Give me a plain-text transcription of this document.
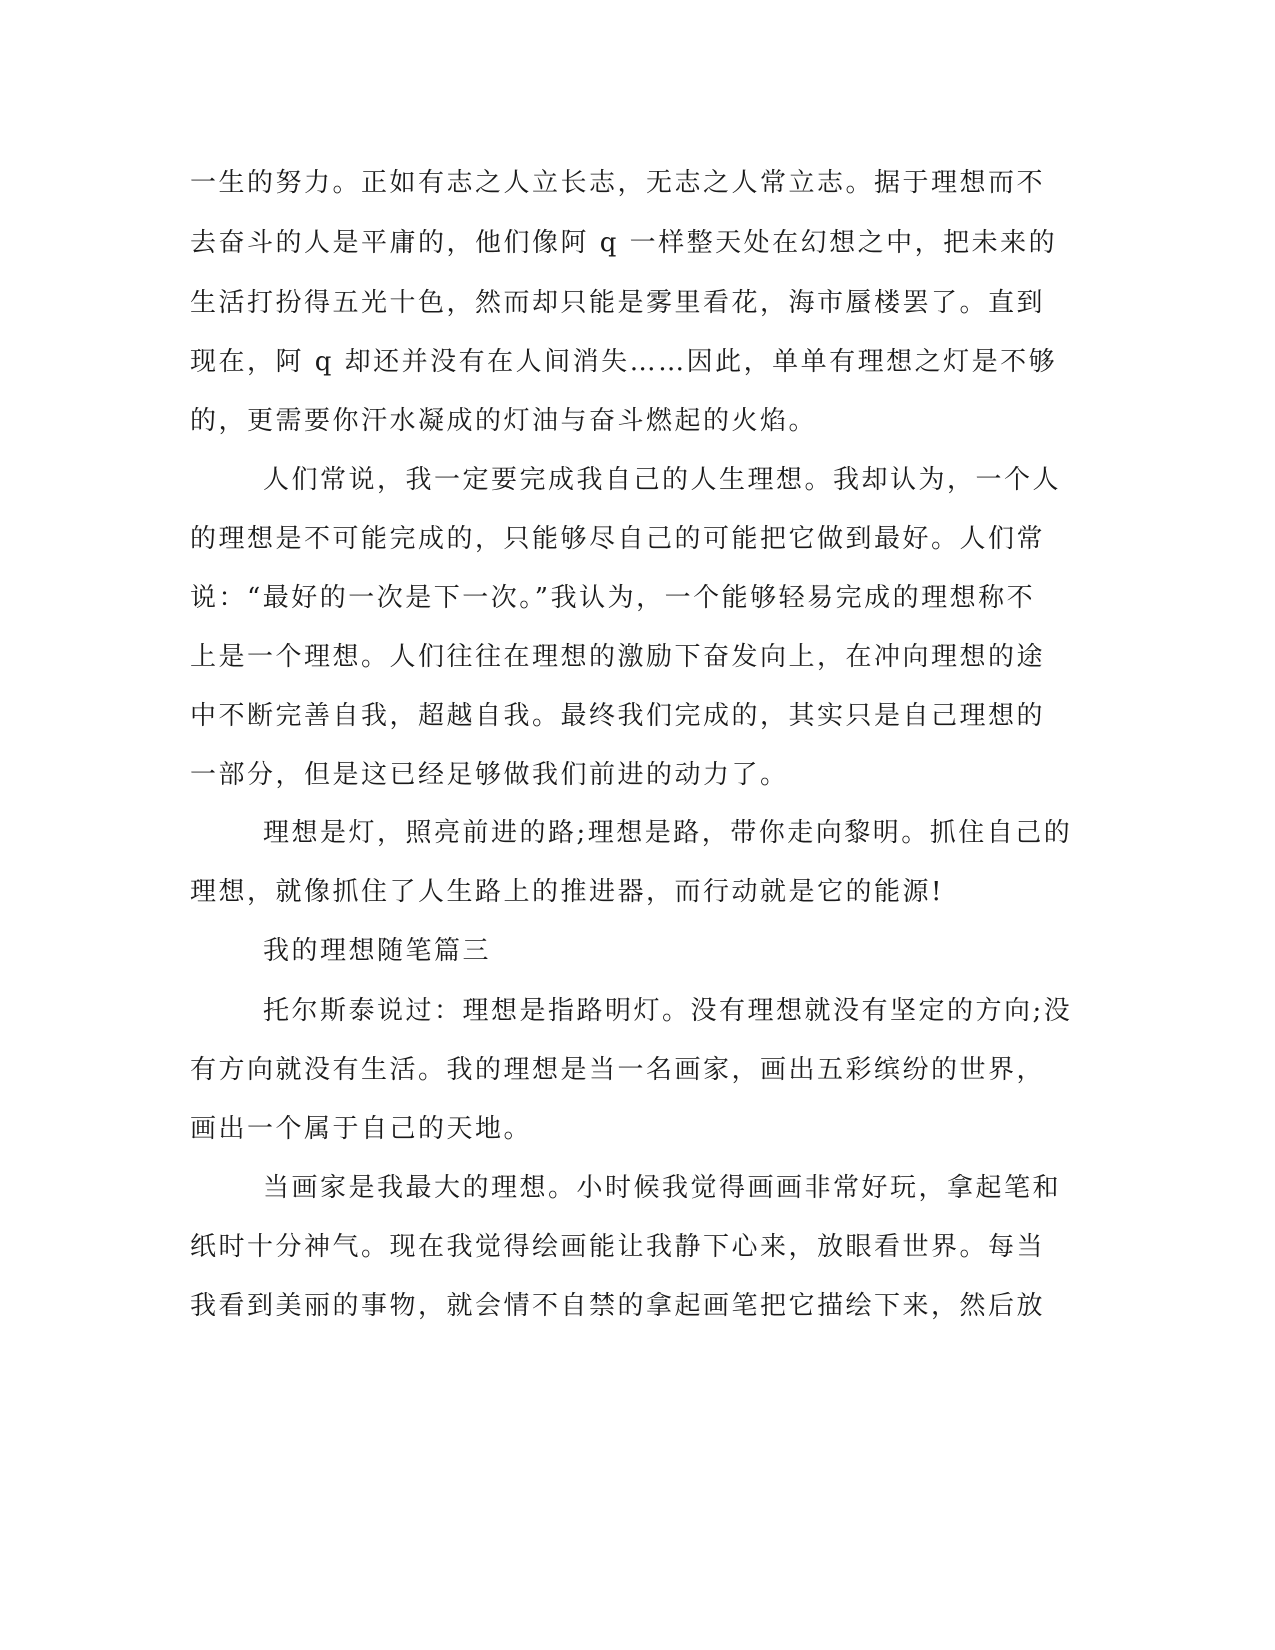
一生的努力。正如有志之人立长志，无志之人常立志。据于理想而不
去奋斗的人是平庸的，他们像阿 q 一样整天处在幻想之中，把未来的
生活打扮得五光十色，然而却只能是雾里看花，海市蜃楼罢了。直到
现在，阿 q 却还并没有在人间消失……因此，单单有理想之灯是不够
的，更需要你汗水凝成的灯油与奋斗燃起的火焰。
人们常说，我一定要完成我自己的人生理想。我却认为，一个人
的理想是不可能完成的，只能够尽自己的可能把它做到最好。人们常
说：“最好的一次是下一次。”我认为，一个能够轻易完成的理想称不
上是一个理想。人们往往在理想的激励下奋发向上，在冲向理想的途
中不断完善自我，超越自我。最终我们完成的，其实只是自己理想的
一部分，但是这已经足够做我们前进的动力了。
理想是灯，照亮前进的路;理想是路，带你走向黎明。抓住自己的
理想，就像抓住了人生路上的推进器，而行动就是它的能源!
我的理想随笔篇三
托尔斯泰说过：理想是指路明灯。没有理想就没有坚定的方向;没
有方向就没有生活。我的理想是当一名画家，画出五彩缤纷的世界，
画出一个属于自己的天地。
当画家是我最大的理想。小时候我觉得画画非常好玩，拿起笔和
纸时十分神气。现在我觉得绘画能让我静下心来，放眼看世界。每当
我看到美丽的事物，就会情不自禁的拿起画笔把它描绘下来，然后放
